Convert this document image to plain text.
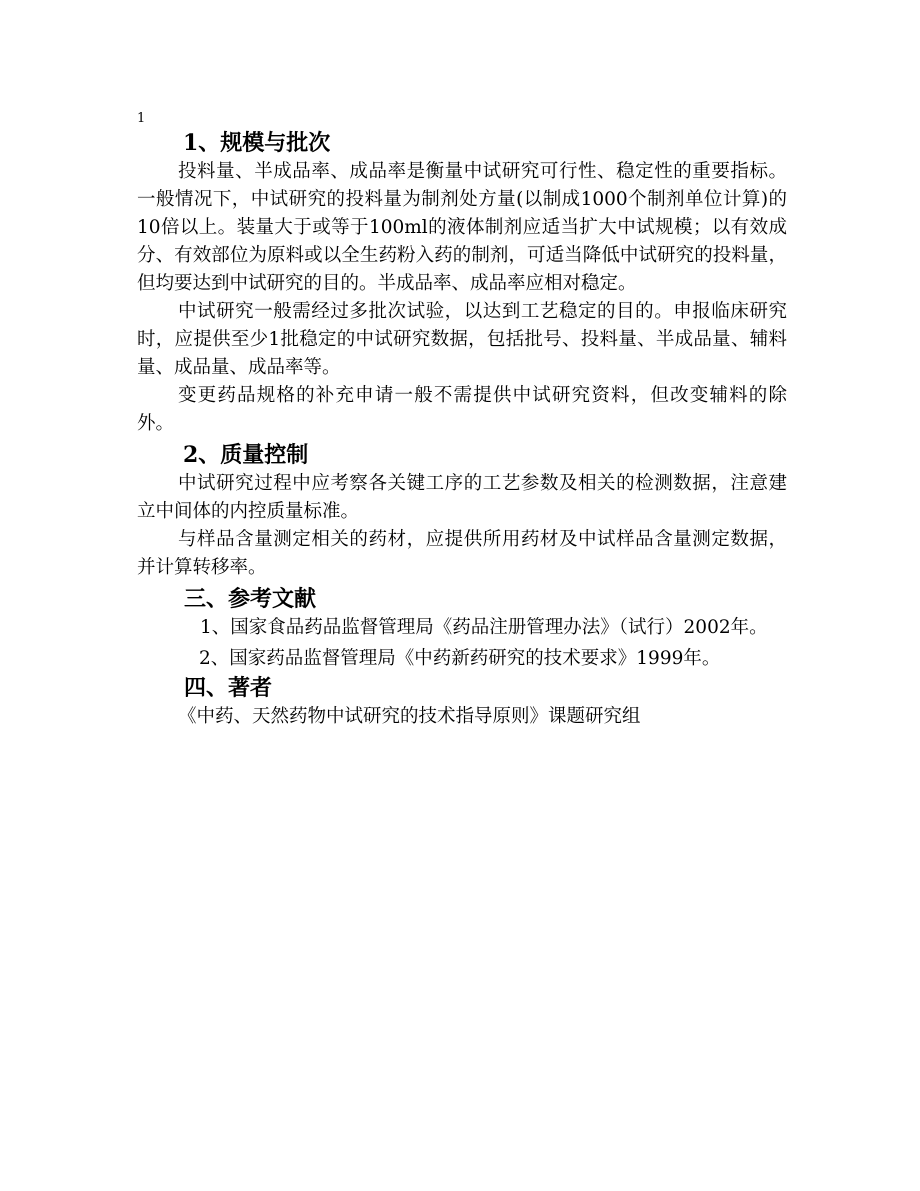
1
1、规模与批次

投料量、半成品率、成品率是衡量中试研究可行性、稳定性的重要指标。一般情况下，中试研究的投料量为制剂处方量(以制成1000个制剂单位计算)的10倍以上。装量大于或等于100ml的液体制剂应适当扩大中试规模；以有效成分、有效部位为原料或以全生药粉入药的制剂，可适当降低中试研究的投料量，但均要达到中试研究的目的。半成品率、成品率应相对稳定。

中试研究一般需经过多批次试验，以达到工艺稳定的目的。申报临床研究时，应提供至少1批稳定的中试研究数据，包括批号、投料量、半成品量、辅料量、成品量、成品率等。

变更药品规格的补充申请一般不需提供中试研究资料，但改变辅料的除外。

2、质量控制

中试研究过程中应考察各关键工序的工艺参数及相关的检测数据，注意建立中间体的内控质量标准。

与样品含量测定相关的药材，应提供所用药材及中试样品含量测定数据，并计算转移率。

三、参考文献

1、国家食品药品监督管理局《药品注册管理办法》（试行）2002年。

2、国家药品监督管理局《中药新药研究的技术要求》1999年。

四、著者

《中药、天然药物中试研究的技术指导原则》课题研究组
